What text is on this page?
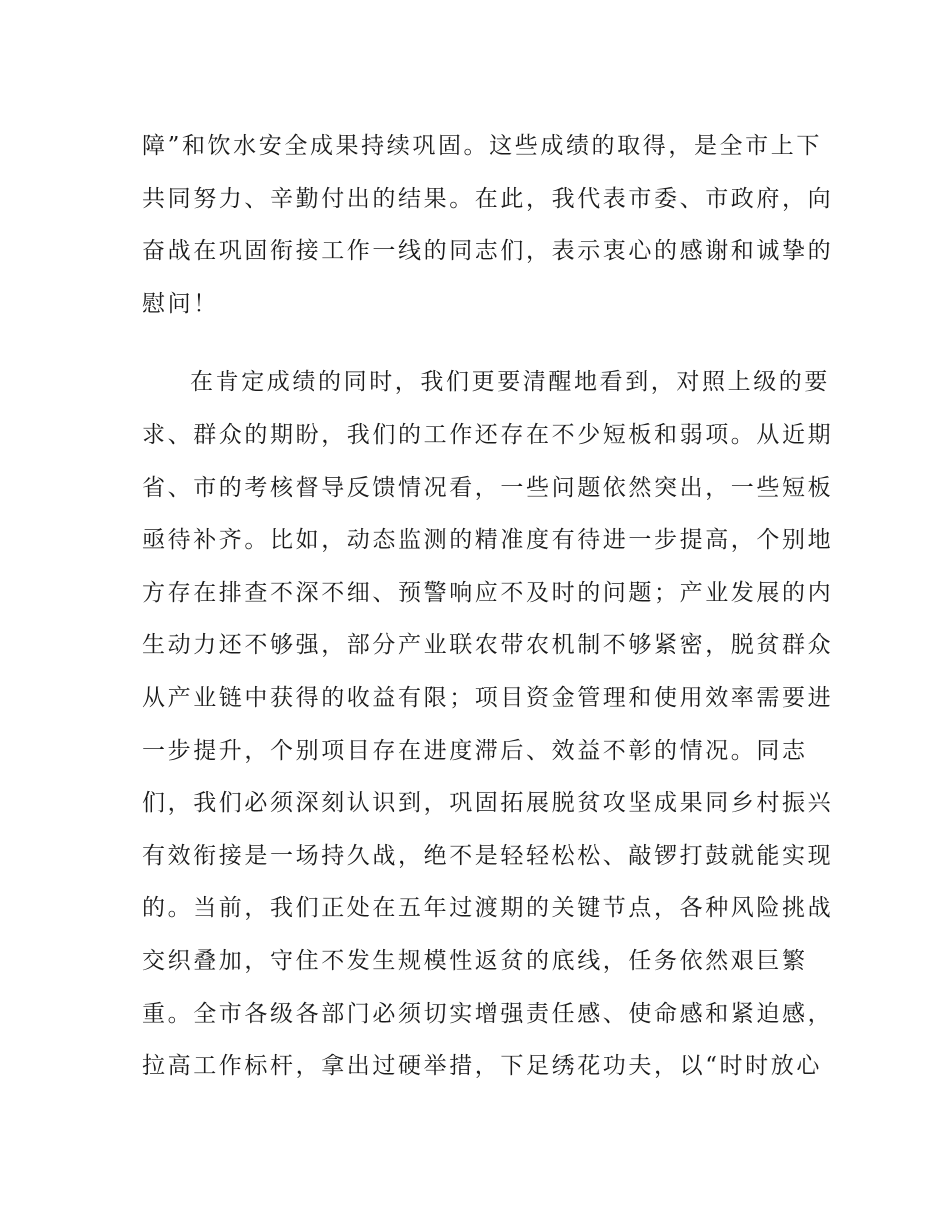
障”和饮水安全成果持续巩固。这些成绩的取得，是全市上下
共同努力、辛勤付出的结果。在此，我代表市委、市政府，向
奋战在巩固衔接工作一线的同志们，表示衷心的感谢和诚挚的
慰问！
在肯定成绩的同时，我们更要清醒地看到，对照上级的要
求、群众的期盼，我们的工作还存在不少短板和弱项。从近期
省、市的考核督导反馈情况看，一些问题依然突出，一些短板
亟待补齐。比如，动态监测的精准度有待进一步提高，个别地
方存在排查不深不细、预警响应不及时的问题；产业发展的内
生动力还不够强，部分产业联农带农机制不够紧密，脱贫群众
从产业链中获得的收益有限；项目资金管理和使用效率需要进
一步提升，个别项目存在进度滞后、效益不彰的情况。同志
们，我们必须深刻认识到，巩固拓展脱贫攻坚成果同乡村振兴
有效衔接是一场持久战，绝不是轻轻松松、敲锣打鼓就能实现
的。当前，我们正处在五年过渡期的关键节点，各种风险挑战
交织叠加，守住不发生规模性返贫的底线，任务依然艰巨繁
重。全市各级各部门必须切实增强责任感、使命感和紧迫感，
拉高工作标杆，拿出过硬举措，下足绣花功夫，以“时时放心
